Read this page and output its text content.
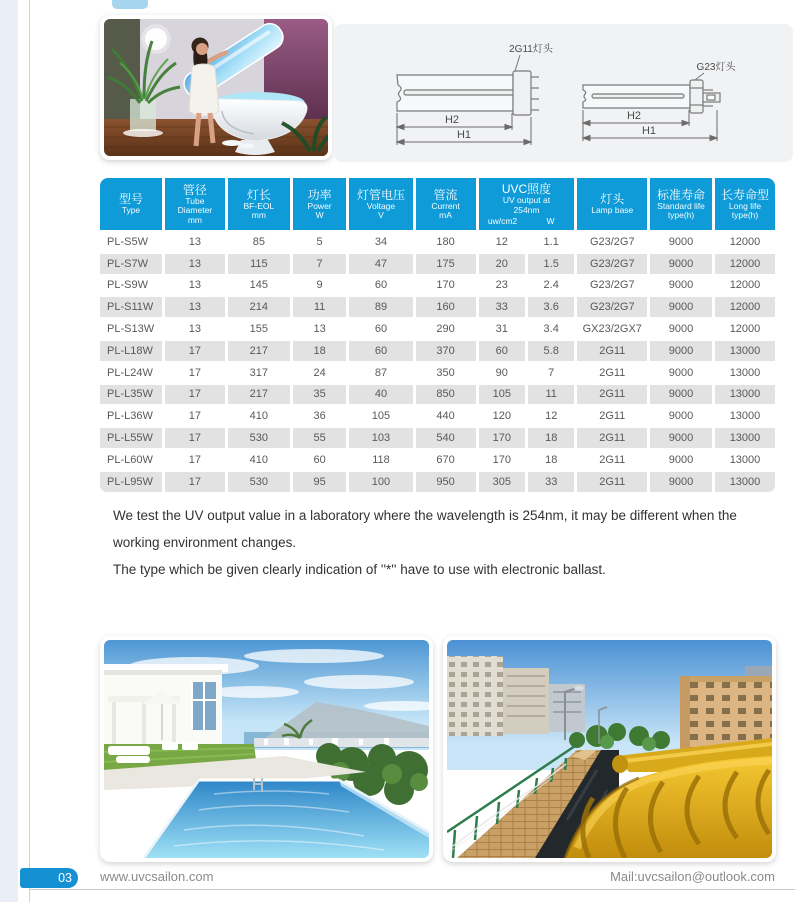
2G11灯头
G23灯头
H2
H1
H2
H1
型号
Type
管径
Tube
Diameter
mm
灯长
BF-EOL
mm
功率
Power
W
灯管电压
Voltage
V
管流
Current
mA
UVC照度
UV output at
254nm
uw/cm2	W
灯头
Lamp base
标准寿命
Standard life
type(h)
长寿命型
Long life
type(h)
PL-S5W	13	85	5	34	180	12	1.1	G23/2G7	9000	12000
PL-S7W	13	115	7	47	175	20	1.5	G23/2G7	9000	12000
PL-S9W	13	145	9	60	170	23	2.4	G23/2G7	9000	12000
PL-S11W	13	214	11	89	160	33	3.6	G23/2G7	9000	12000
PL-S13W	13	155	13	60	290	31	3.4	GX23/2GX7	9000	12000
PL-L18W	17	217	18	60	370	60	5.8	2G11	9000	13000
PL-L24W	17	317	24	87	350	90	7	2G11	9000	13000
PL-L35W	17	217	35	40	850	105	11	2G11	9000	13000
PL-L36W	17	410	36	105	440	120	12	2G11	9000	13000
PL-L55W	17	530	55	103	540	170	18	2G11	9000	13000
PL-L60W	17	410	60	118	670	170	18	2G11	9000	13000
PL-L95W	17	530	95	100	950	305	33	2G11	9000	13000

We test the UV output value in a laboratory where the wavelength is 254nm, it may be different when the working environment changes.

The type which be given clearly indication of ''*'' have to use with electronic ballast.

03	www.uvcsailon.com	Mail:uvcsailon@outlook.com
